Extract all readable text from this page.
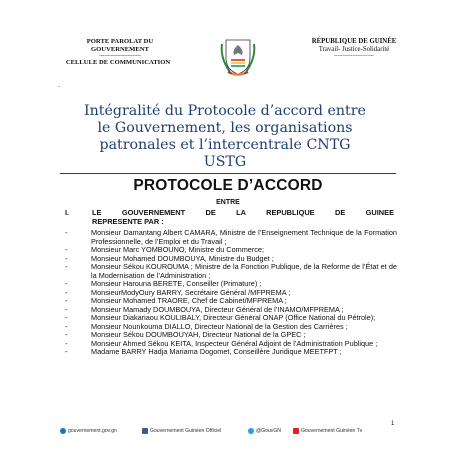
PORTE PAROLAT DU
GOUVERNEMENT
-------------------------
CELLULE DE COMMUNICATION
RÉPUBLIQUE DE GUINÉE
Travail- Justice-Solidarité
------------------------
-
Intégralité du Protocole d’accord entre
le Gouvernement, les organisations
patronales et l’intercentrale CNTG
USTG
PROTOCOLE D’ACCORD
ENTRE
I.	LE GOUVERNEMENT DE LA REPUBLIQUE DE GUINEE
REPRESENTE PAR :
-	Monsieur Damantang Albert CAMARA, Ministre de l’Enseignement Technique de la Formation Professionnelle, de l’Emploi et du Travail ;
-	Monsieur Marc YOMBOUNO, Ministre du Commerce;
-	Monsieur Mohamed DOUMBOUYA, Ministre du Budget ;
-	Monsieur Sékou KOUROUMA ; Ministre de la Fonction Publique, de la Reforme de l’État et de la Modernisation de l’Administration ;
-	Monsieur Harouna BERETE, Conseiller (Primature) ;
-	MonsieurModyOury BARRY, Secrétaire Général /MFPREMA ;
-	Monsieur Mohamed TRAORE, Chef de Cabinet/MFPREMA ;
-	Monsieur Mamady DOUMBOUYA, Directeur Général de l’INAMO/MFPREMA ;
-	Monsieur Diakariaou KOULIBALY, Directeur Général ONAP (Office National du Pétrole);
-	Monsieur Nounkouma DIALLO, Directeur National de la Gestion des Carrières ;
-	Monsieur Sékou DOUMBOUYAH, Directeur National de la GPEC ;
-	Monsieur Ahmed Sékou KEITA, Inspecteur Général Adjoint de l’Administration Publique ;
-	Madame BARRY Hadja Mariama Dogomet, Conseillère Juridique MEETFPT ;
1
gouvernement.gov.gn	Gouvernement Guinéen Officiel	@GouvGN	Gouvernement Guinéen Tv
